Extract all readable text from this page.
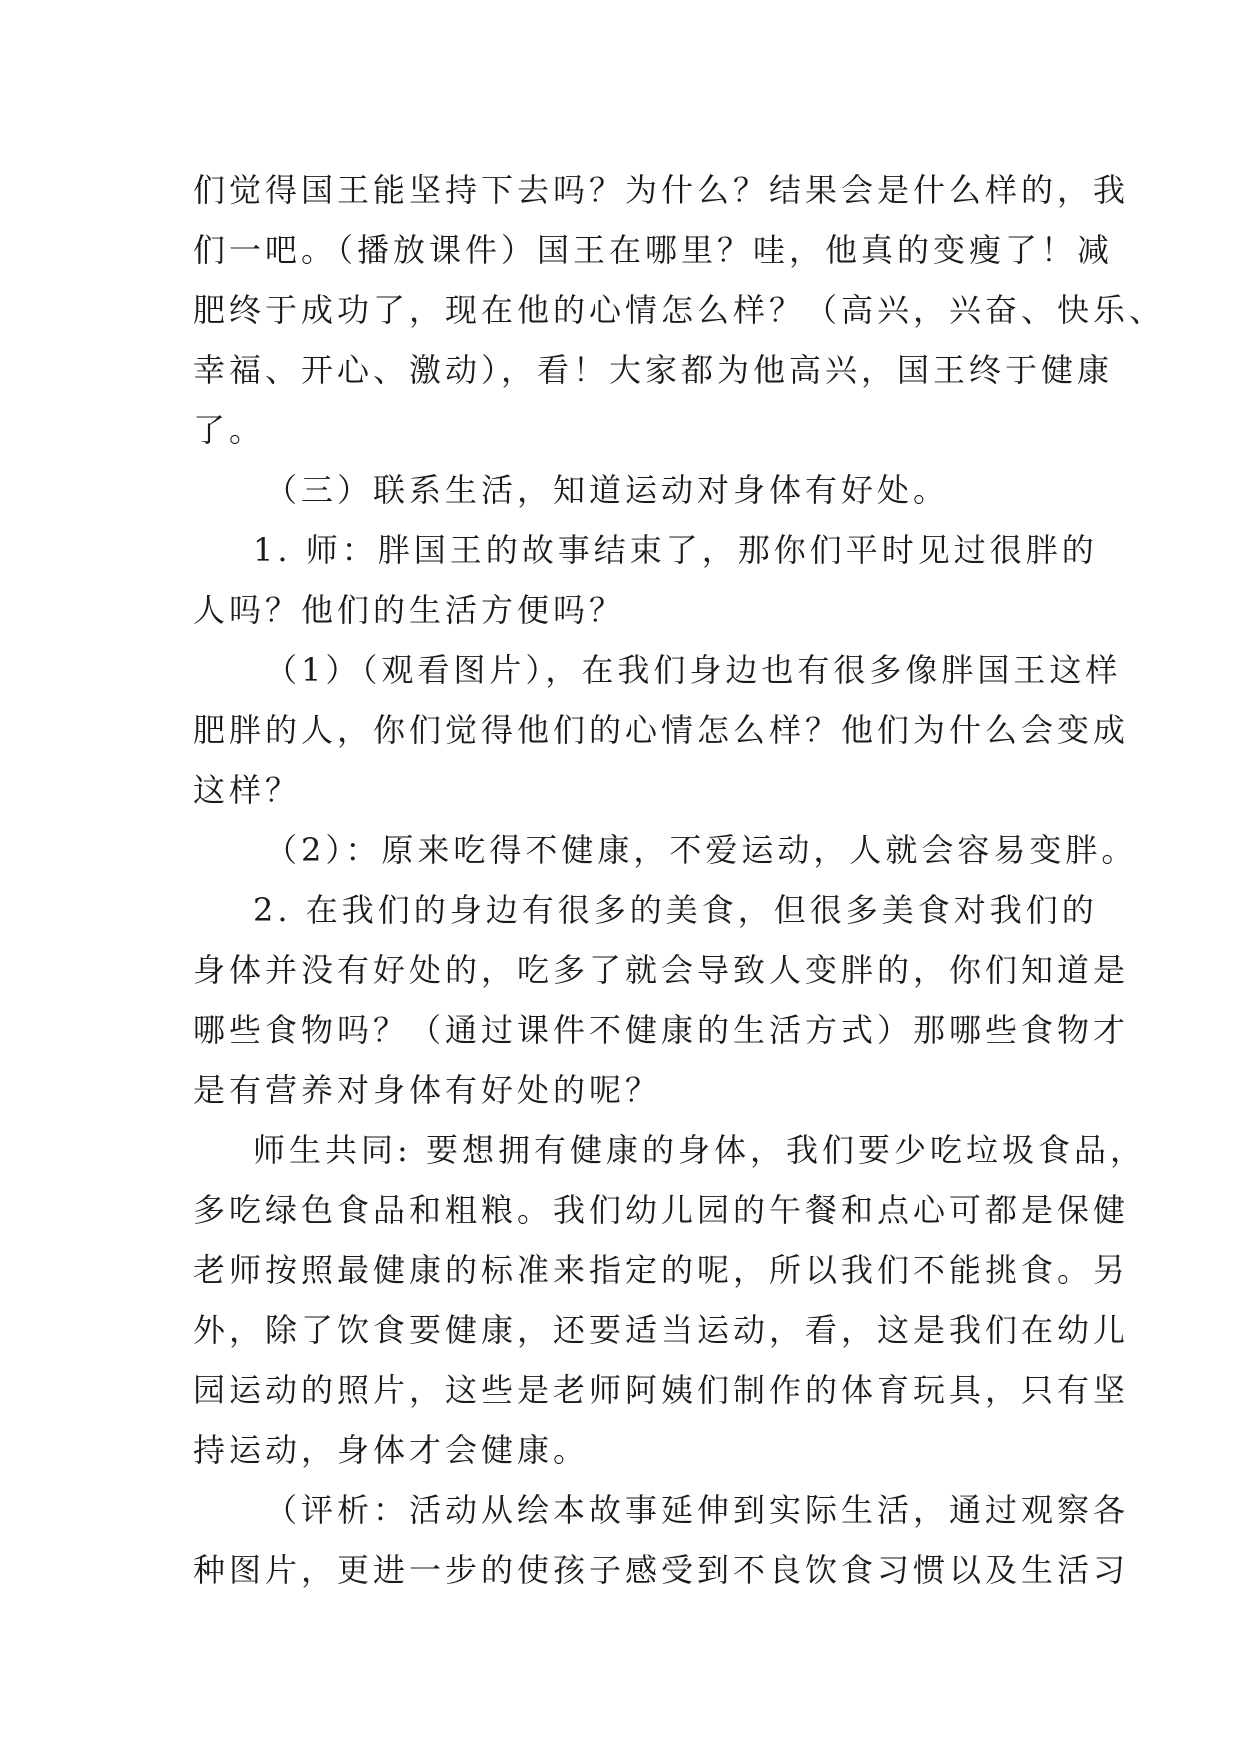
们觉得国王能坚持下去吗？为什么？结果会是什么样的，我
们一吧。（播放课件）国王在哪里？哇，他真的变瘦了！减
肥终于成功了，现在他的心情怎么样？（高兴，兴奋、快乐、
幸福、开心、激动），看！大家都为他高兴，国王终于健康
了。
（三）联系生活，知道运动对身体有好处。
1. 师：胖国王的故事结束了，那你们平时见过很胖的
人吗？他们的生活方便吗？
（1）（观看图片），在我们身边也有很多像胖国王这样
肥胖的人，你们觉得他们的心情怎么样？他们为什么会变成
这样？
（2）：原来吃得不健康，不爱运动，人就会容易变胖。
2. 在我们的身边有很多的美食，但很多美食对我们的
身体并没有好处的，吃多了就会导致人变胖的，你们知道是
哪些食物吗？（通过课件不健康的生活方式）那哪些食物才
是有营养对身体有好处的呢？
师生共同: 要想拥有健康的身体，我们要少吃垃圾食品，
多吃绿色食品和粗粮。我们幼儿园的午餐和点心可都是保健
老师按照最健康的标准来指定的呢，所以我们不能挑食。另
外，除了饮食要健康，还要适当运动，看，这是我们在幼儿
园运动的照片，这些是老师阿姨们制作的体育玩具，只有坚
持运动，身体才会健康。
（评析：活动从绘本故事延伸到实际生活，通过观察各
种图片，更进一步的使孩子感受到不良饮食习惯以及生活习
